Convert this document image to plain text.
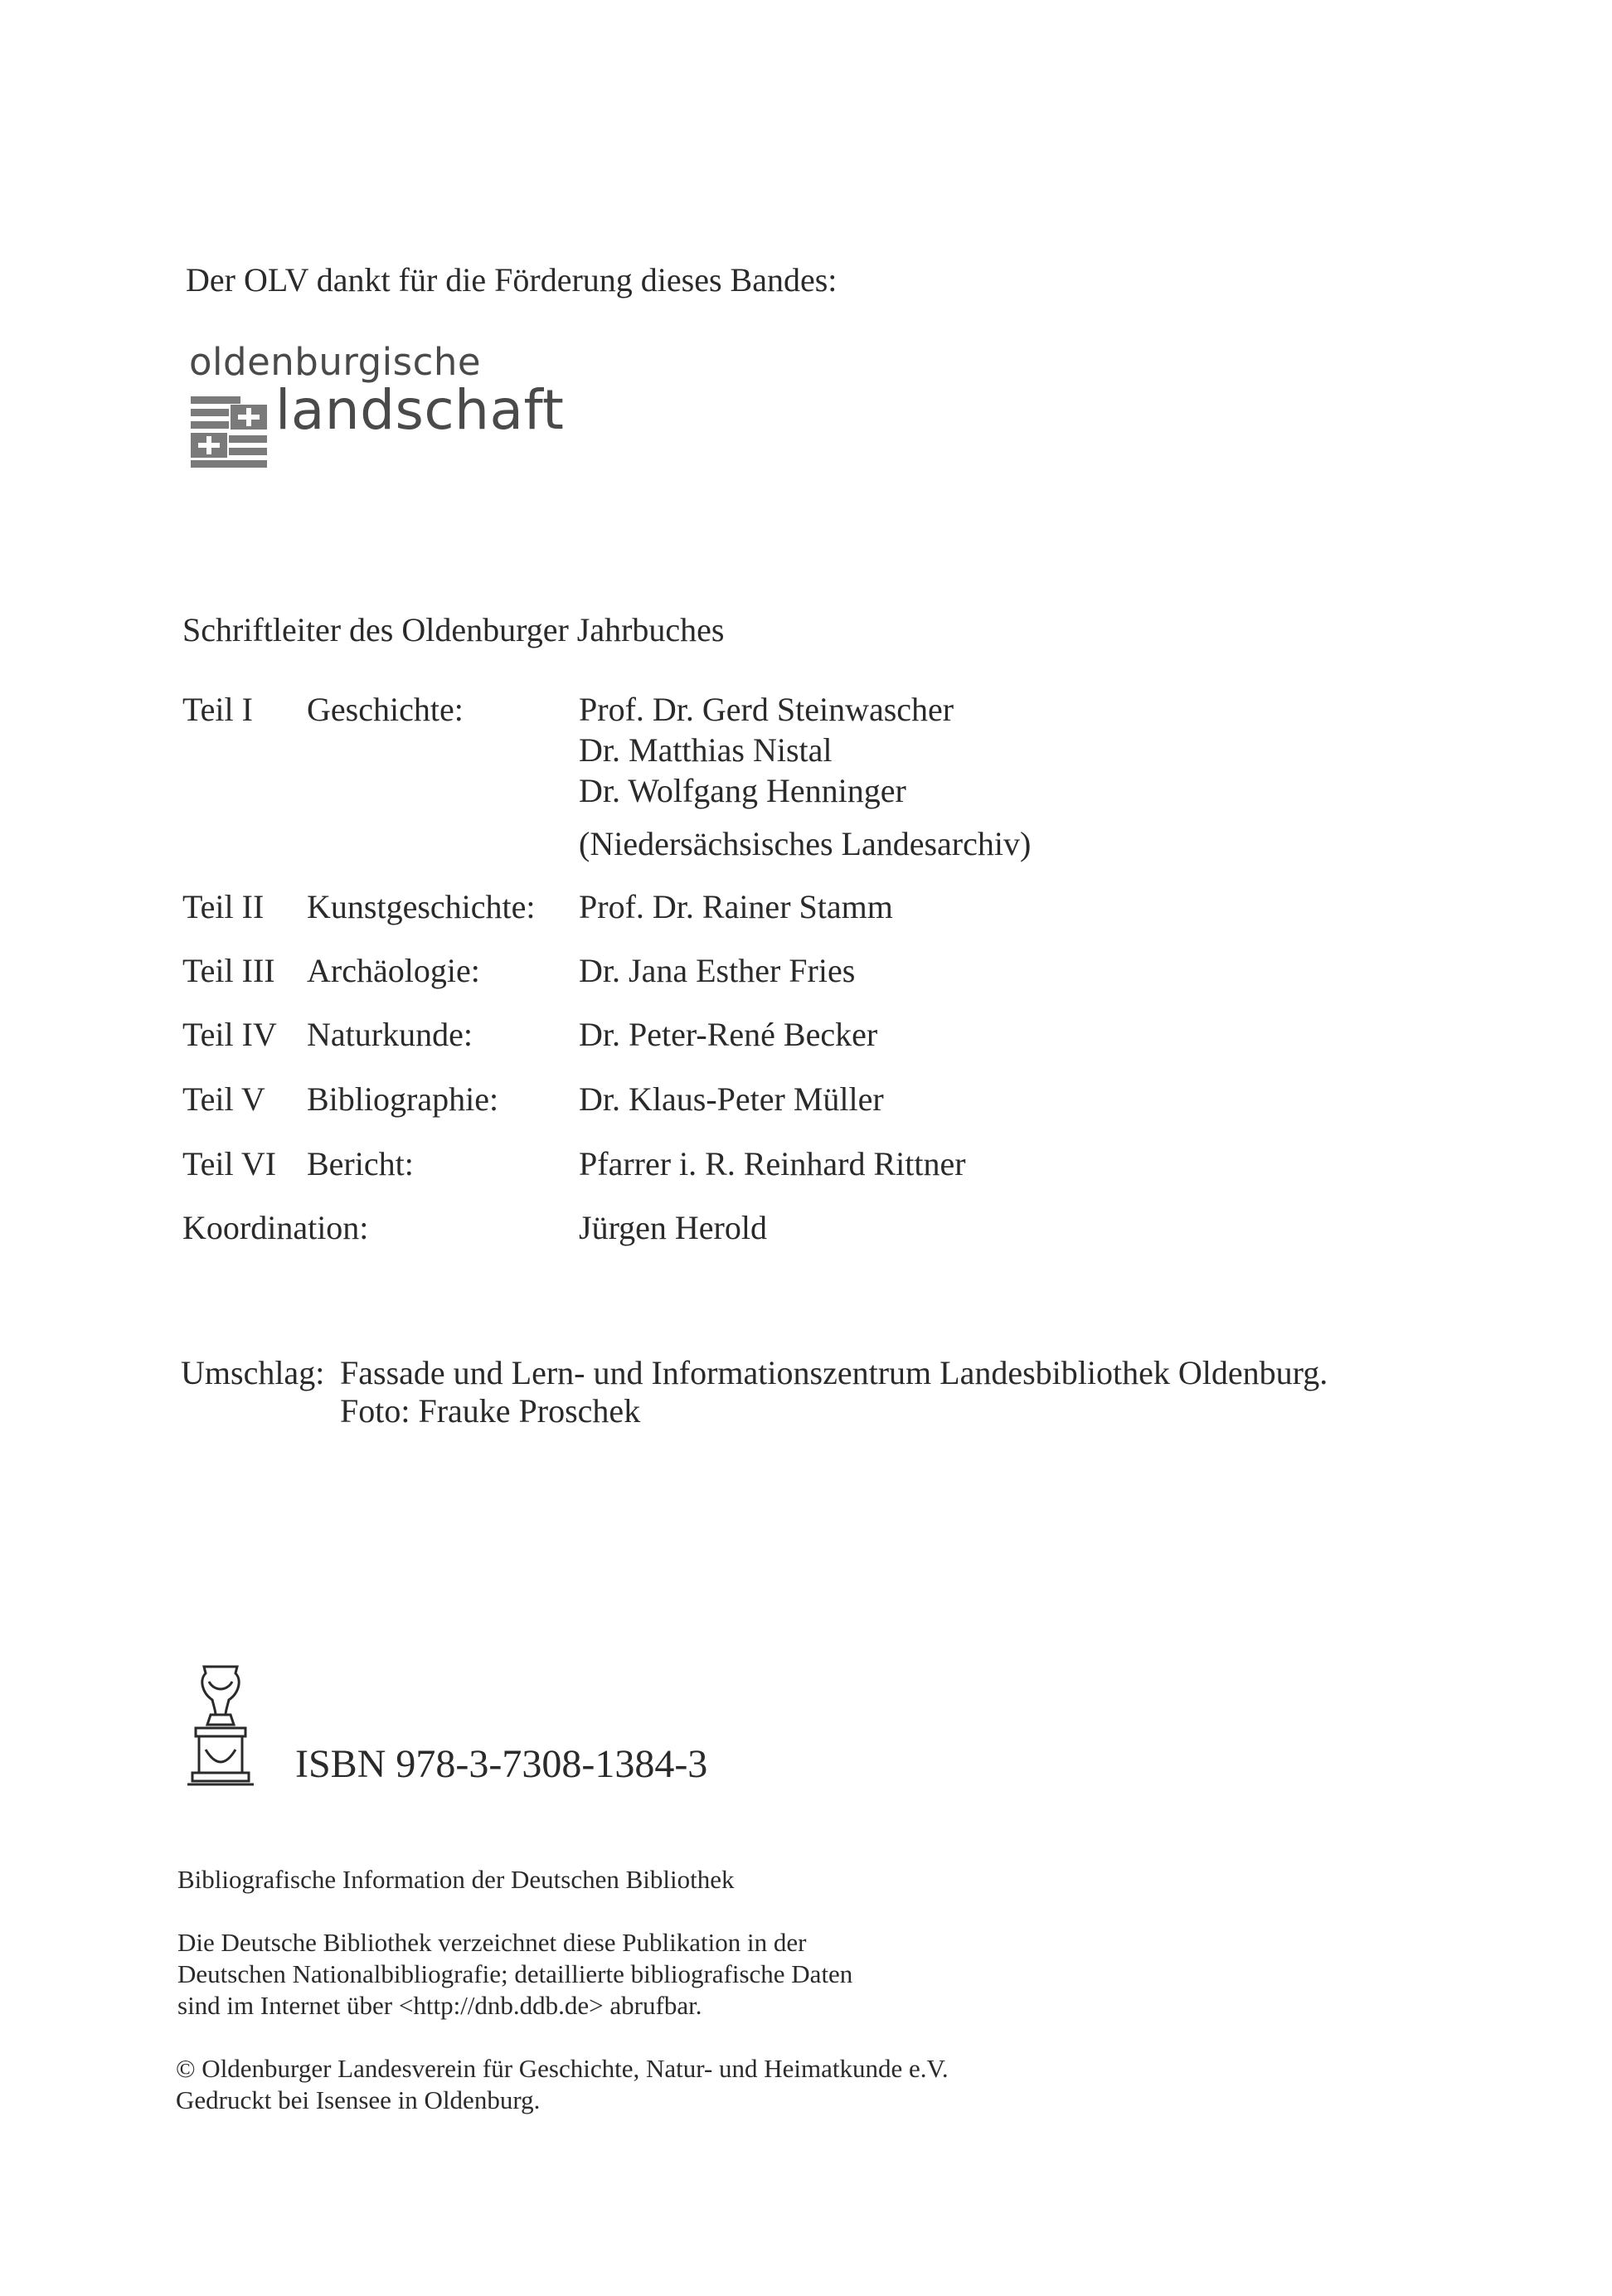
Der OLV dankt für die Förderung dieses Bandes:
oldenburgische
landschaft
Schriftleiter des Oldenburger Jahrbuches
Teil I Geschichte:	Prof. Dr. Gerd Steinwascher
Dr. Matthias Nistal
Dr. Wolfgang Henninger
(Niedersächsisches Landesarchiv)
Teil II Kunstgeschichte: Prof. Dr. Rainer Stamm
Teil III Archäologie:	Dr. Jana Esther Fries
Teil IV Naturkunde:	Dr. Peter-René Becker
Teil V Bibliographie: Dr. Klaus-Peter Müller
Teil VI Bericht:	Pfarrer i. R. Reinhard Rittner
Koordination:	Jürgen Herold
Umschlag: Fassade und Lern- und Informationszentrum Landesbibliothek Oldenburg.
Foto: Frauke Proschek
ISBN 978-3-7308-1384-3
Bibliografische Information der Deutschen Bibliothek
Die Deutsche Bibliothek verzeichnet diese Publikation in der
Deutschen Nationalbibliografie; detaillierte bibliografische Daten
sind im Internet über <http://dnb.ddb.de> abrufbar.
© Oldenburger Landesverein für Geschichte, Natur- und Heimatkunde e.V.
Gedruckt bei Isensee in Oldenburg.
